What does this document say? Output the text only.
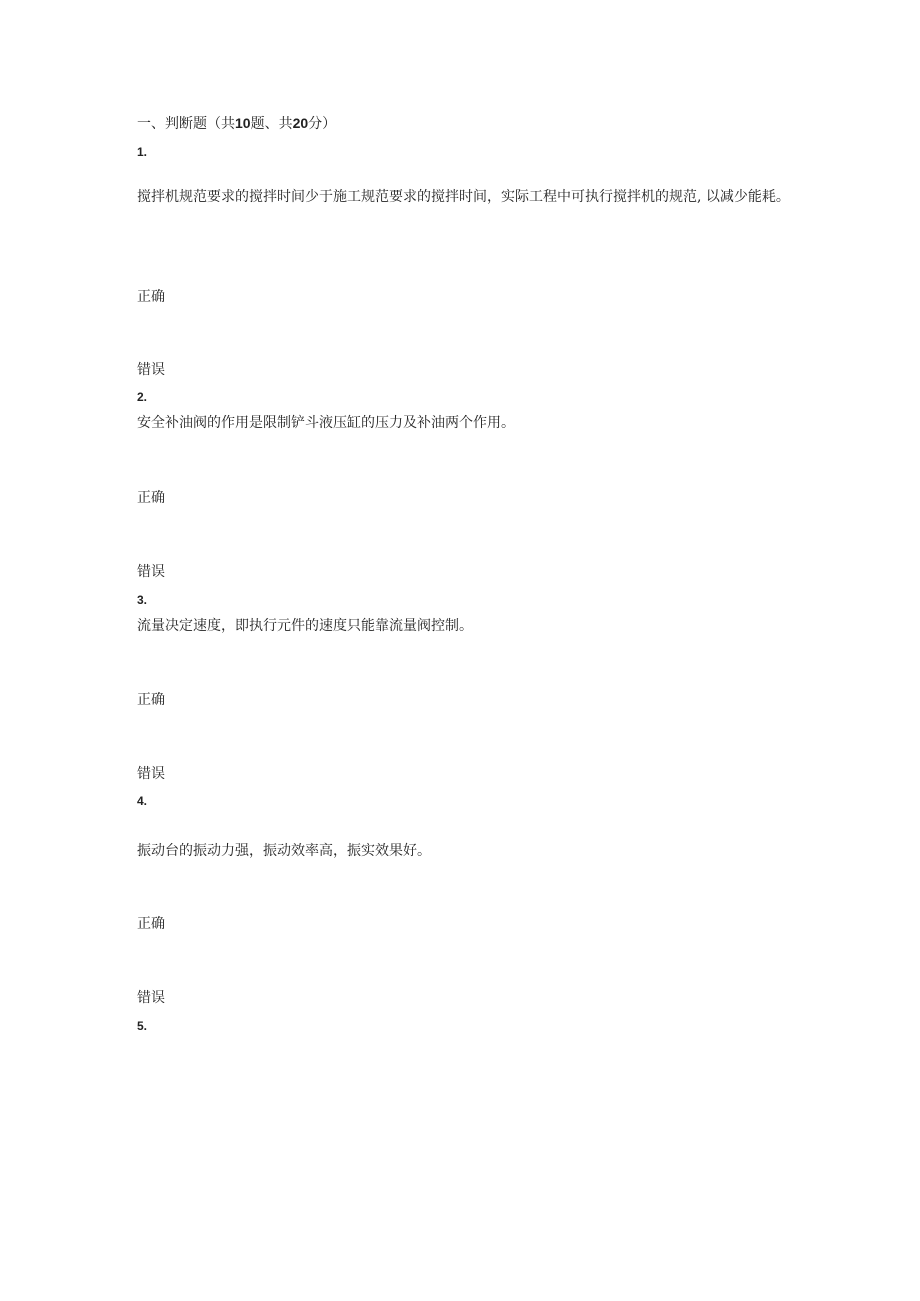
一、判断题（共10题、共20分）
1.
搅拌机规范要求的搅拌时间少于施工规范要求的搅拌时间，实际工程中可执行搅拌机的规范, 以减少能耗。
正确
错误
2.
安全补油阀的作用是限制铲斗液压缸的压力及补油两个作用。
正确
错误
3.
流量决定速度，即执行元件的速度只能靠流量阀控制。
正确
错误
4.
振动台的振动力强，振动效率高，振实效果好。
正确
错误
5.
